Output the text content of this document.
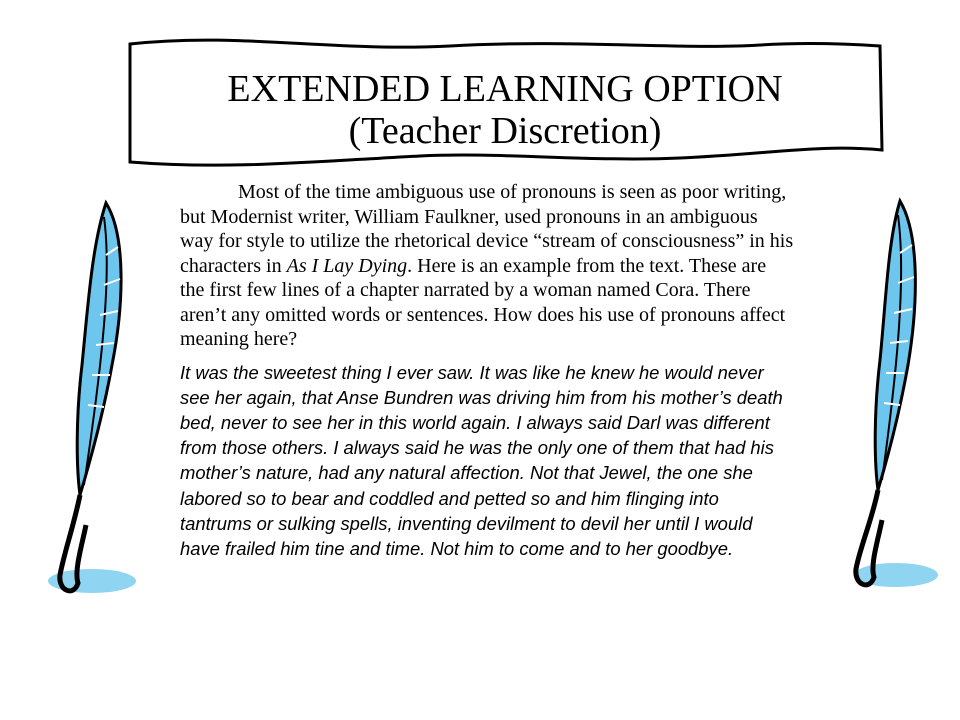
EXTENDED LEARNING OPTION
(Teacher Discretion)

Most of the time ambiguous use of pronouns is seen as poor writing, but Modernist writer, William Faulkner, used pronouns in an ambiguous way for style to utilize the rhetorical device “stream of consciousness” in his characters in As I Lay Dying. Here is an example from the text. These are the first few lines of a chapter narrated by a woman named Cora. There aren’t any omitted words or sentences. How does his use of pronouns affect meaning here?

It was the sweetest thing I ever saw. It was like he knew he would never see her again, that Anse Bundren was driving him from his mother’s death bed, never to see her in this world again. I always said Darl was different from those others. I always said he was the only one of them that had his mother’s nature, had any natural affection. Not that Jewel, the one she labored so to bear and coddled and petted so and him flinging into tantrums or sulking spells, inventing devilment to devil her until I would have frailed him tine and time. Not him to come and to her goodbye.
